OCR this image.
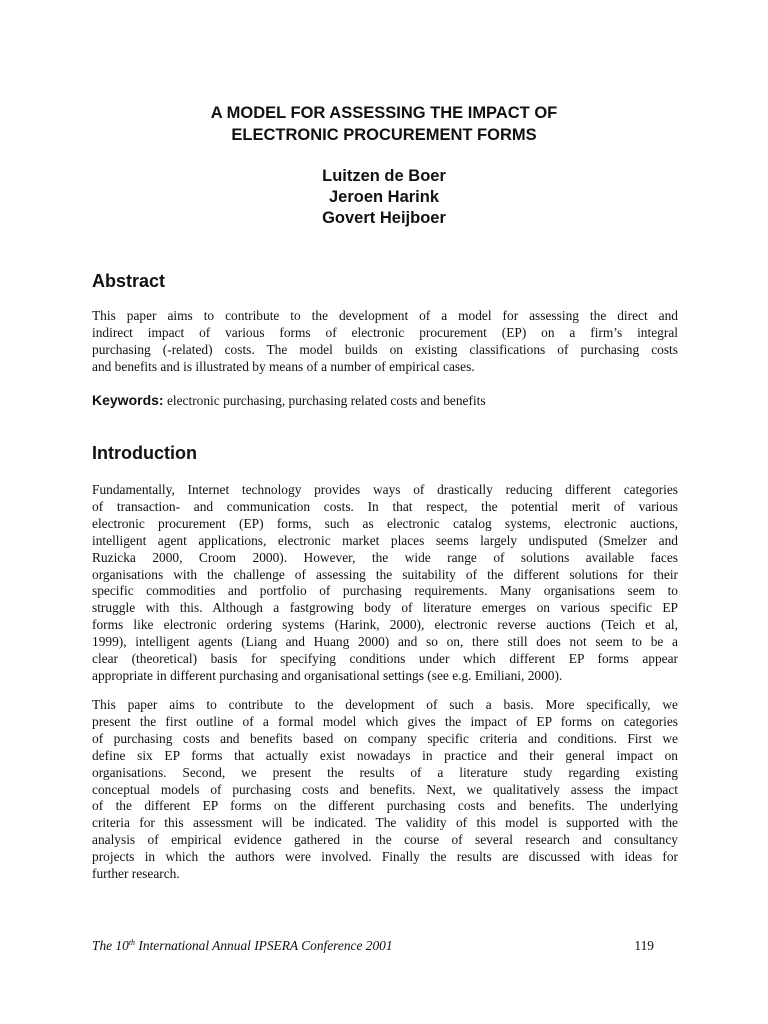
A MODEL FOR ASSESSING THE IMPACT OF
ELECTRONIC PROCUREMENT FORMS
Luitzen de Boer
Jeroen Harink
Govert Heijboer
Abstract
This paper aims to contribute to the development of a model for assessing the direct and
indirect impact of various forms of electronic procurement (EP) on a firm’s integral
purchasing (-related) costs. The model builds on existing classifications of purchasing costs
and benefits and is illustrated by means of a number of empirical cases.
Keywords: electronic purchasing, purchasing related costs and benefits
Introduction
Fundamentally, Internet technology provides ways of drastically reducing different categories
of transaction- and communication costs. In that respect, the potential merit of various
electronic procurement (EP) forms, such as electronic catalog systems, electronic auctions,
intelligent agent applications, electronic market places seems largely undisputed (Smelzer and
Ruzicka 2000, Croom 2000). However, the wide range of solutions available faces
organisations with the challenge of assessing the suitability of the different solutions for their
specific commodities and portfolio of purchasing requirements. Many organisations seem to
struggle with this. Although a fastgrowing body of literature emerges on various specific EP
forms like electronic ordering systems (Harink, 2000), electronic reverse auctions (Teich et al,
1999), intelligent agents (Liang and Huang 2000) and so on, there still does not seem to be a
clear (theoretical) basis for specifying conditions under which different EP forms appear
appropriate in different purchasing and organisational settings (see e.g. Emiliani, 2000).
This paper aims to contribute to the development of such a basis. More specifically, we
present the first outline of a formal model which gives the impact of EP forms on categories
of purchasing costs and benefits based on company specific criteria and conditions. First we
define six EP forms that actually exist nowadays in practice and their general impact on
organisations. Second, we present the results of a literature study regarding existing
conceptual models of purchasing costs and benefits. Next, we qualitatively assess the impact
of the different EP forms on the different purchasing costs and benefits. The underlying
criteria for this assessment will be indicated. The validity of this model is supported with the
analysis of empirical evidence gathered in the course of several research and consultancy
projects in which the authors were involved. Finally the results are discussed with ideas for
further research.
The 10th International Annual IPSERA Conference 2001	119
